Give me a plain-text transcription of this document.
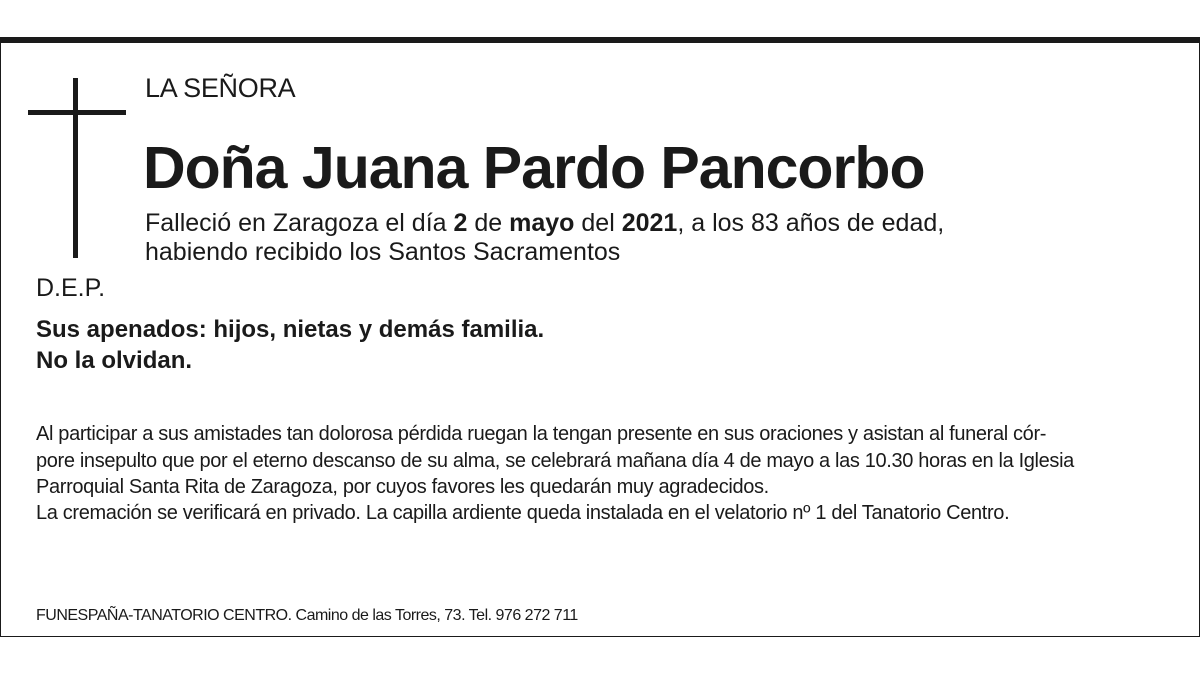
LA SEÑORA
Doña Juana Pardo Pancorbo
Falleció en Zaragoza el día 2 de mayo del 2021, a los 83 años de edad,
habiendo recibido los Santos Sacramentos
D.E.P.
Sus apenados: hijos, nietas y demás familia.
No la olvidan.
Al participar a sus amistades tan dolorosa pérdida ruegan la tengan presente en sus oraciones y asistan al funeral cór-
pore insepulto que por el eterno descanso de su alma, se celebrará mañana día 4 de mayo a las 10.30 horas en la Iglesia
Parroquial Santa Rita de Zaragoza, por cuyos favores les quedarán muy agradecidos.
La cremación se verificará en privado. La capilla ardiente queda instalada en el velatorio nº 1 del Tanatorio Centro.
FUNESPAÑA-TANATORIO CENTRO. Camino de las Torres, 73. Tel. 976 272 711
